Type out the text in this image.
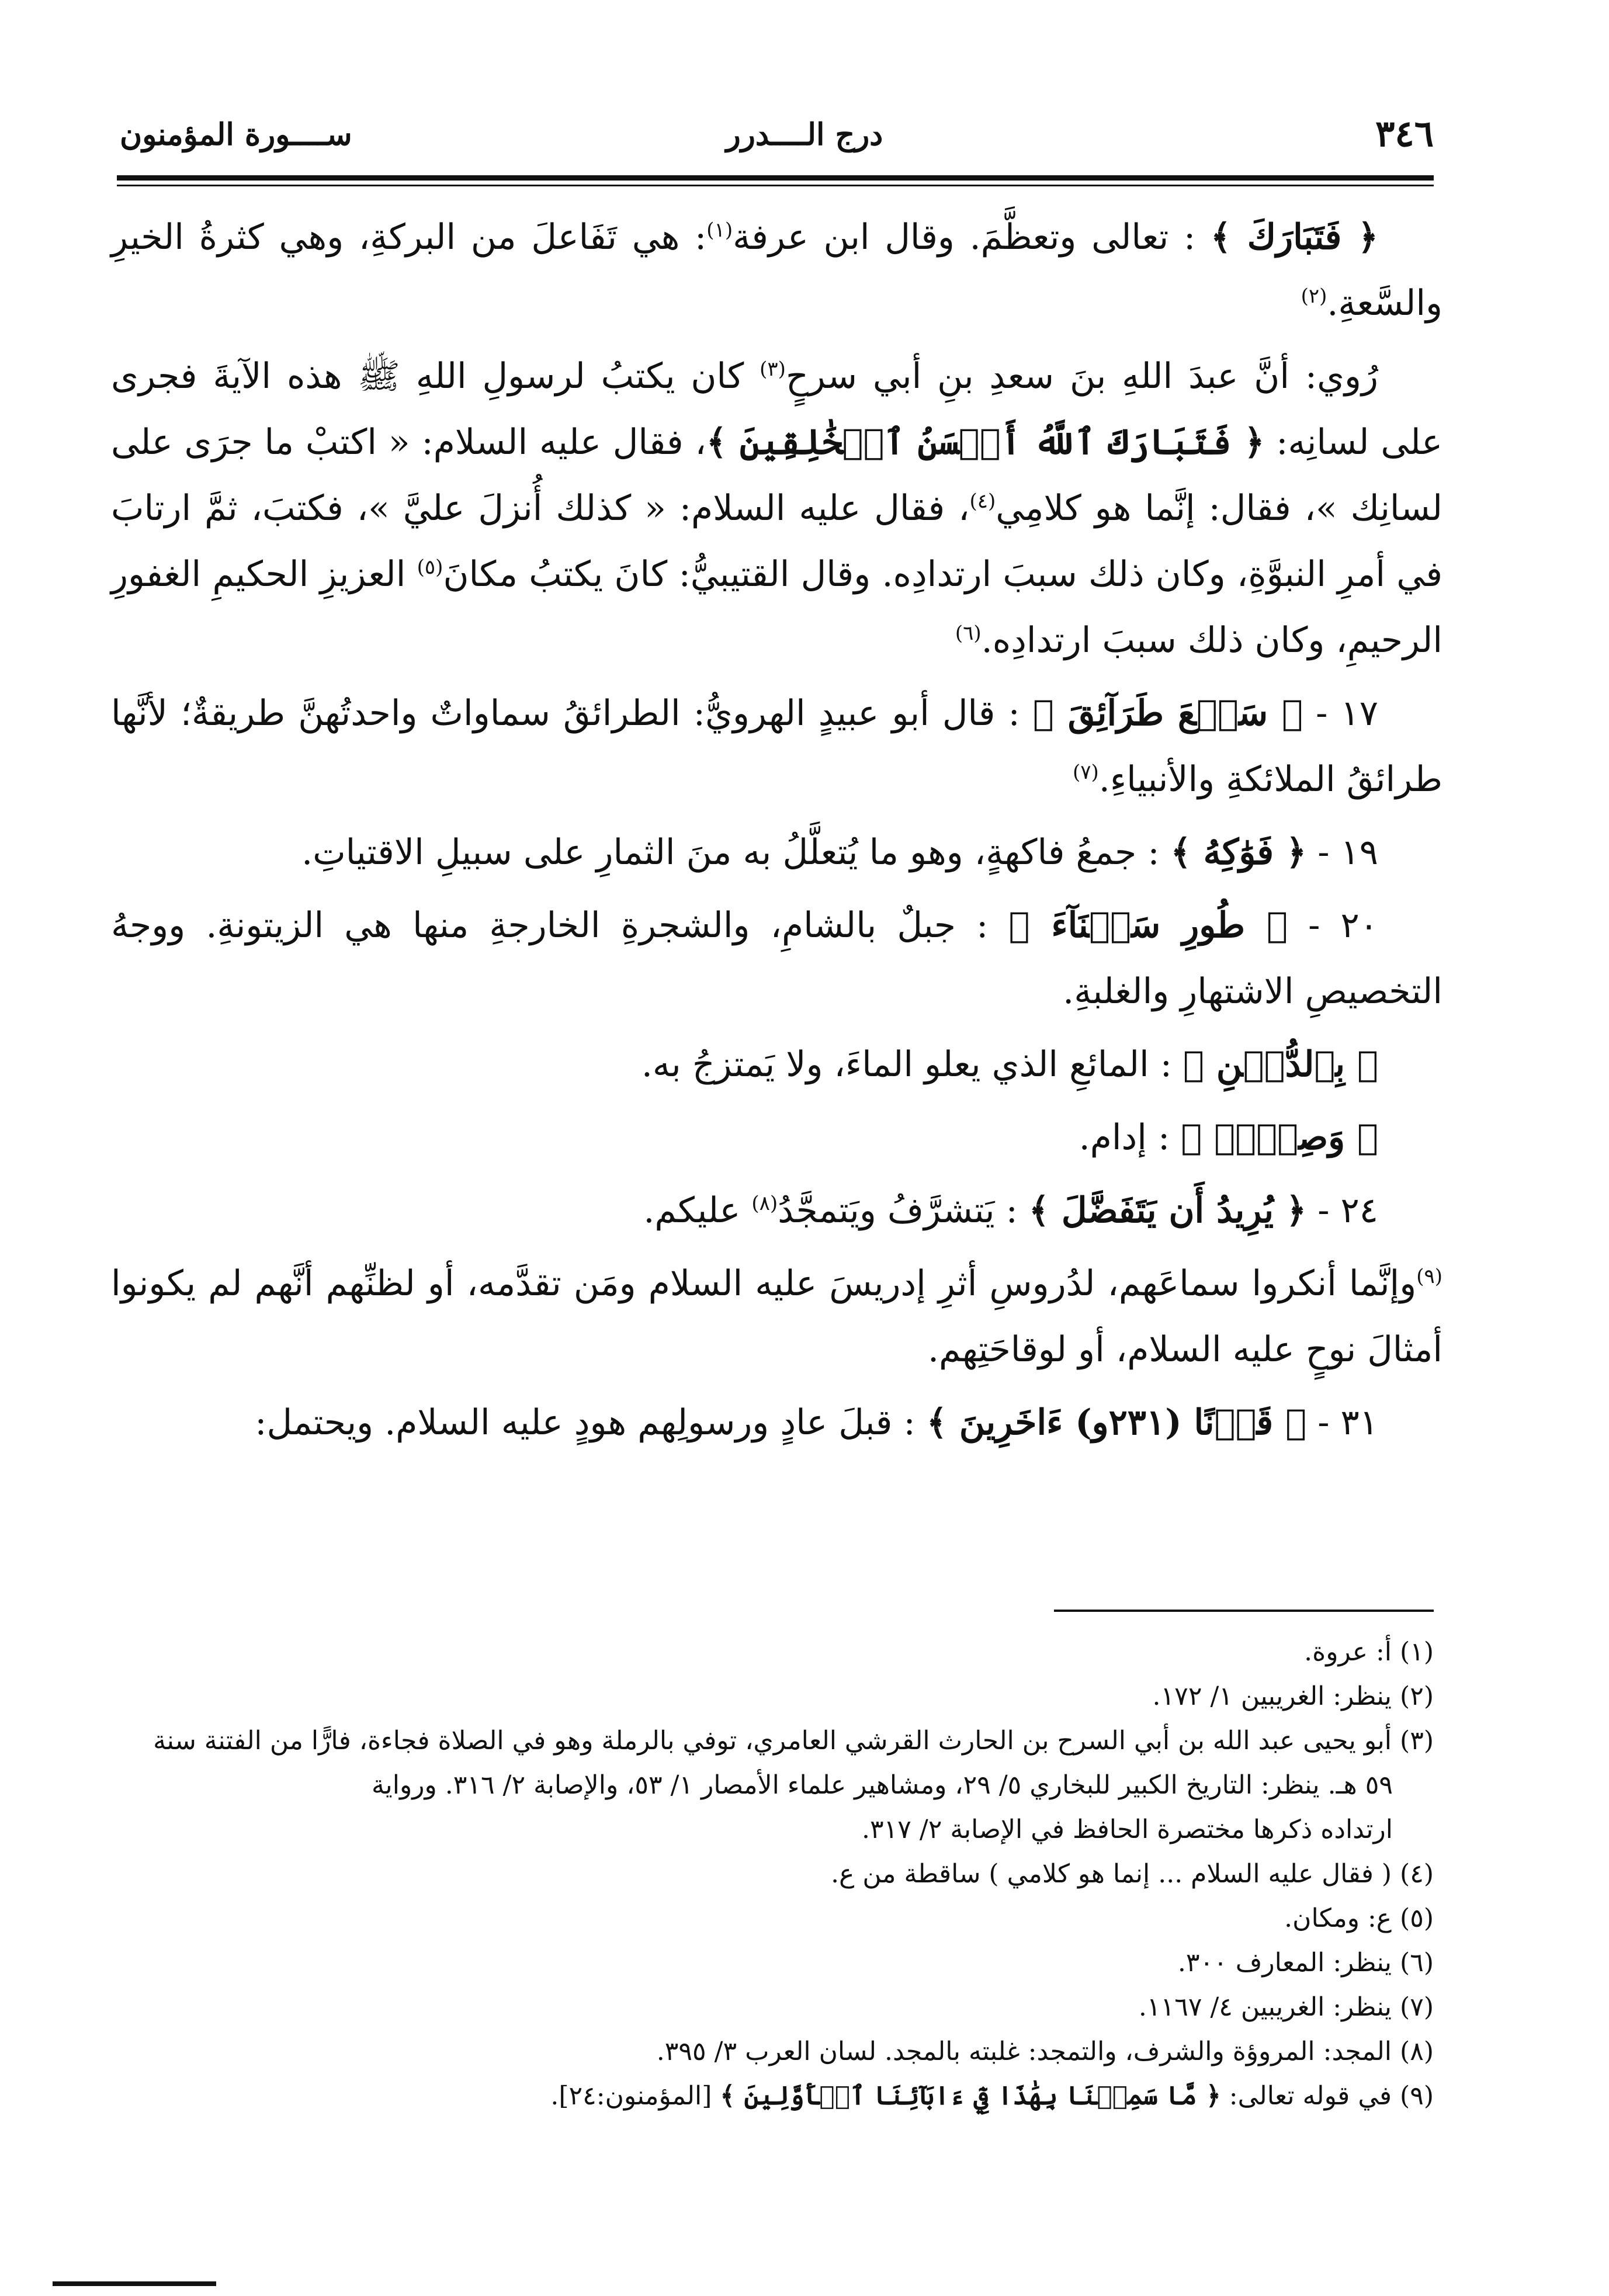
٣٤٦
درج الــــدرر
ســــورة المؤمنون

﴿ فَتَبَارَكَ ﴾ : تعالى وتعظَّمَ. وقال ابن عرفة$^{(١)}$: هي تَفَاعلَ من البركةِ، وهي كثرةُ الخيرِ والسَّعةِ.$^{(٢)}$

رُوي: أنَّ عبدَ اللهِ بنَ سعدِ بنِ أبي سرحٍ$^{(٣)}$ كان يكتبُ لرسولِ اللهِ ﷺ هذه الآيةَ فجرى على لسانِه: ﴿ فَتَبَارَكَ ٱللَّهُ أَحۡسَنُ ٱلۡخَٰلِقِينَ ﴾، فقال عليه السلام: « اكتبْ ما جرَى على لسانِك »، فقال: إنَّما هو كلامِي$^{(٤)}$، فقال عليه السلام: « كذلك أُنزلَ عليَّ »، فكتبَ، ثمَّ ارتابَ في أمرِ النبوَّةِ، وكان ذلك سببَ ارتدادِه. وقال القتيبيُّ: كانَ يكتبُ مكانَ$^{(٥)}$ العزيزِ الحكيمِ الغفورِ الرحيمِ، وكان ذلك سببَ ارتدادِه.$^{(٦)}$

١٧ - ﴿ سَبۡعَ طَرَآئِقَ ﴾ : قال أبو عبيدٍ الهرويُّ: الطرائقُ سماواتٌ واحدتُهنَّ طريقةٌ؛ لأنَّها طرائقُ الملائكةِ والأنبياءِ.$^{(٧)}$

١٩ - ﴿ فَوَٰكِهُ ﴾ : جمعُ فاكهةٍ، وهو ما يُتعلَّلُ به منَ الثمارِ على سبيلِ الاقتياتِ.

٢٠ - ﴿ طُورِ سَيۡنَآءَ ﴾ : جبلٌ بالشامِ، والشجرةِ الخارجةِ منها هي الزيتونةِ. ووجهُ التخصيصِ الاشتهارِ والغلبةِ.

﴿ بِٱلدُّهۡنِ ﴾ : المائعِ الذي يعلو الماءَ، ولا يَمتزجُ به.

﴿ وَصِبۡغٖ ﴾ : إدام.

٢٤ - ﴿ يُرِيدُ أَن يَتَفَضَّلَ ﴾ : يَتشرَّفُ ويَتمجَّدُ$^{(٨)}$ عليكم.

$^{(٩)}$وإنَّما أنكروا سماعَهم، لدُروسِ أثرِ إدريسَ عليه السلام ومَن تقدَّمه، أو لظنِّهم أنَّهم لم يكونوا أمثالَ نوحٍ عليه السلام، أو لوقاحَتِهم.

٣١ - ﴿ قَرۡنًا (٢٣١و) ءَاخَرِينَ ﴾ : قبلَ عادٍ ورسولِهم هودٍ عليه السلام. ويحتمل:

(١) أ: عروة.

(٢) ينظر: الغريبين ١/ ١٧٢.

(٣) أبو يحيى عبد الله بن أبي السرح بن الحارث القرشي العامري، توفي بالرملة وهو في الصلاة فجاءة، فارًّا من الفتنة سنة

٥٩ هـ. ينظر: التاريخ الكبير للبخاري ٥/ ٢٩، ومشاهير علماء الأمصار ١/ ٥٣، والإصابة ٢/ ٣١٦. ورواية

ارتداده ذكرها مختصرة الحافظ في الإصابة ٢/ ٣١٧.

(٤) ( فقال عليه السلام ... إنما هو كلامي ) ساقطة من ع.

(٥) ع: ومكان.

(٦) ينظر: المعارف ٣٠٠.

(٧) ينظر: الغريبين ٤/ ١١٦٧.

(٨) المجد: المروؤة والشرف، والتمجد: غلبته بالمجد. لسان العرب ٣/ ٣٩٥.

(٩) في قوله تعالى: ﴿ مَّا سَمِعۡنَا بِهَٰذَا فِيٓ ءَابَآئِنَا ٱلۡأَوَّلِينَ ﴾ [المؤمنون:٢٤].
